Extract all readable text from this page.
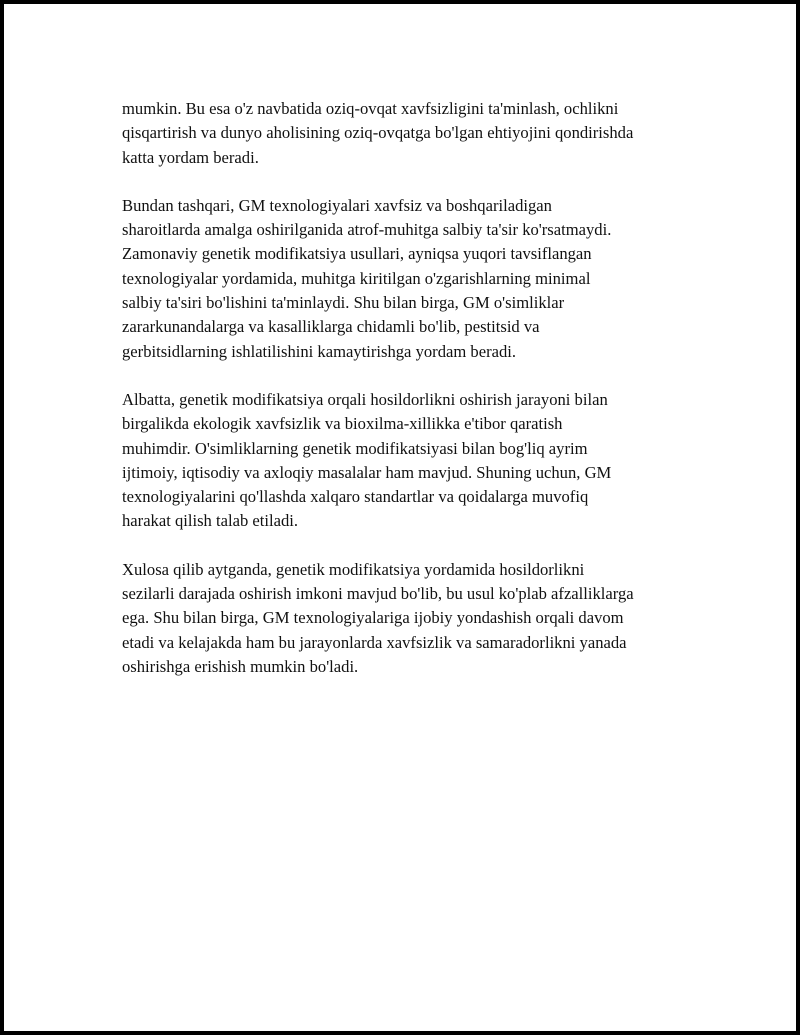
mumkin. Bu esa o'z navbatida oziq-ovqat xavfsizligini ta'minlash, ochlikni
qisqartirish va dunyo aholisining oziq-ovqatga bo'lgan ehtiyojini qondirishda
katta yordam beradi.

Bundan tashqari, GM texnologiyalari xavfsiz va boshqariladigan
sharoitlarda amalga oshirilganida atrof-muhitga salbiy ta'sir ko'rsatmaydi.
Zamonaviy genetik modifikatsiya usullari, ayniqsa yuqori tavsiflangan
texnologiyalar yordamida, muhitga kiritilgan o'zgarishlarning minimal
salbiy ta'siri bo'lishini ta'minlaydi. Shu bilan birga, GM o'simliklar
zararkunandalarga va kasalliklarga chidamli bo'lib, pestitsid va
gerbitsidlarning ishlatilishini kamaytirishga yordam beradi.

Albatta, genetik modifikatsiya orqali hosildorlikni oshirish jarayoni bilan
birgalikda ekologik xavfsizlik va bioxilma-xillikka e'tibor qaratish
muhimdir. O'simliklarning genetik modifikatsiyasi bilan bog'liq ayrim
ijtimoiy, iqtisodiy va axloqiy masalalar ham mavjud. Shuning uchun, GM
texnologiyalarini qo'llashda xalqaro standartlar va qoidalarga muvofiq
harakat qilish talab etiladi.

Xulosa qilib aytganda, genetik modifikatsiya yordamida hosildorlikni
sezilarli darajada oshirish imkoni mavjud bo'lib, bu usul ko'plab afzalliklarga
ega. Shu bilan birga, GM texnologiyalariga ijobiy yondashish orqali davom
etadi va kelajakda ham bu jarayonlarda xavfsizlik va samaradorlikni yanada
oshirishga erishish mumkin bo'ladi.
